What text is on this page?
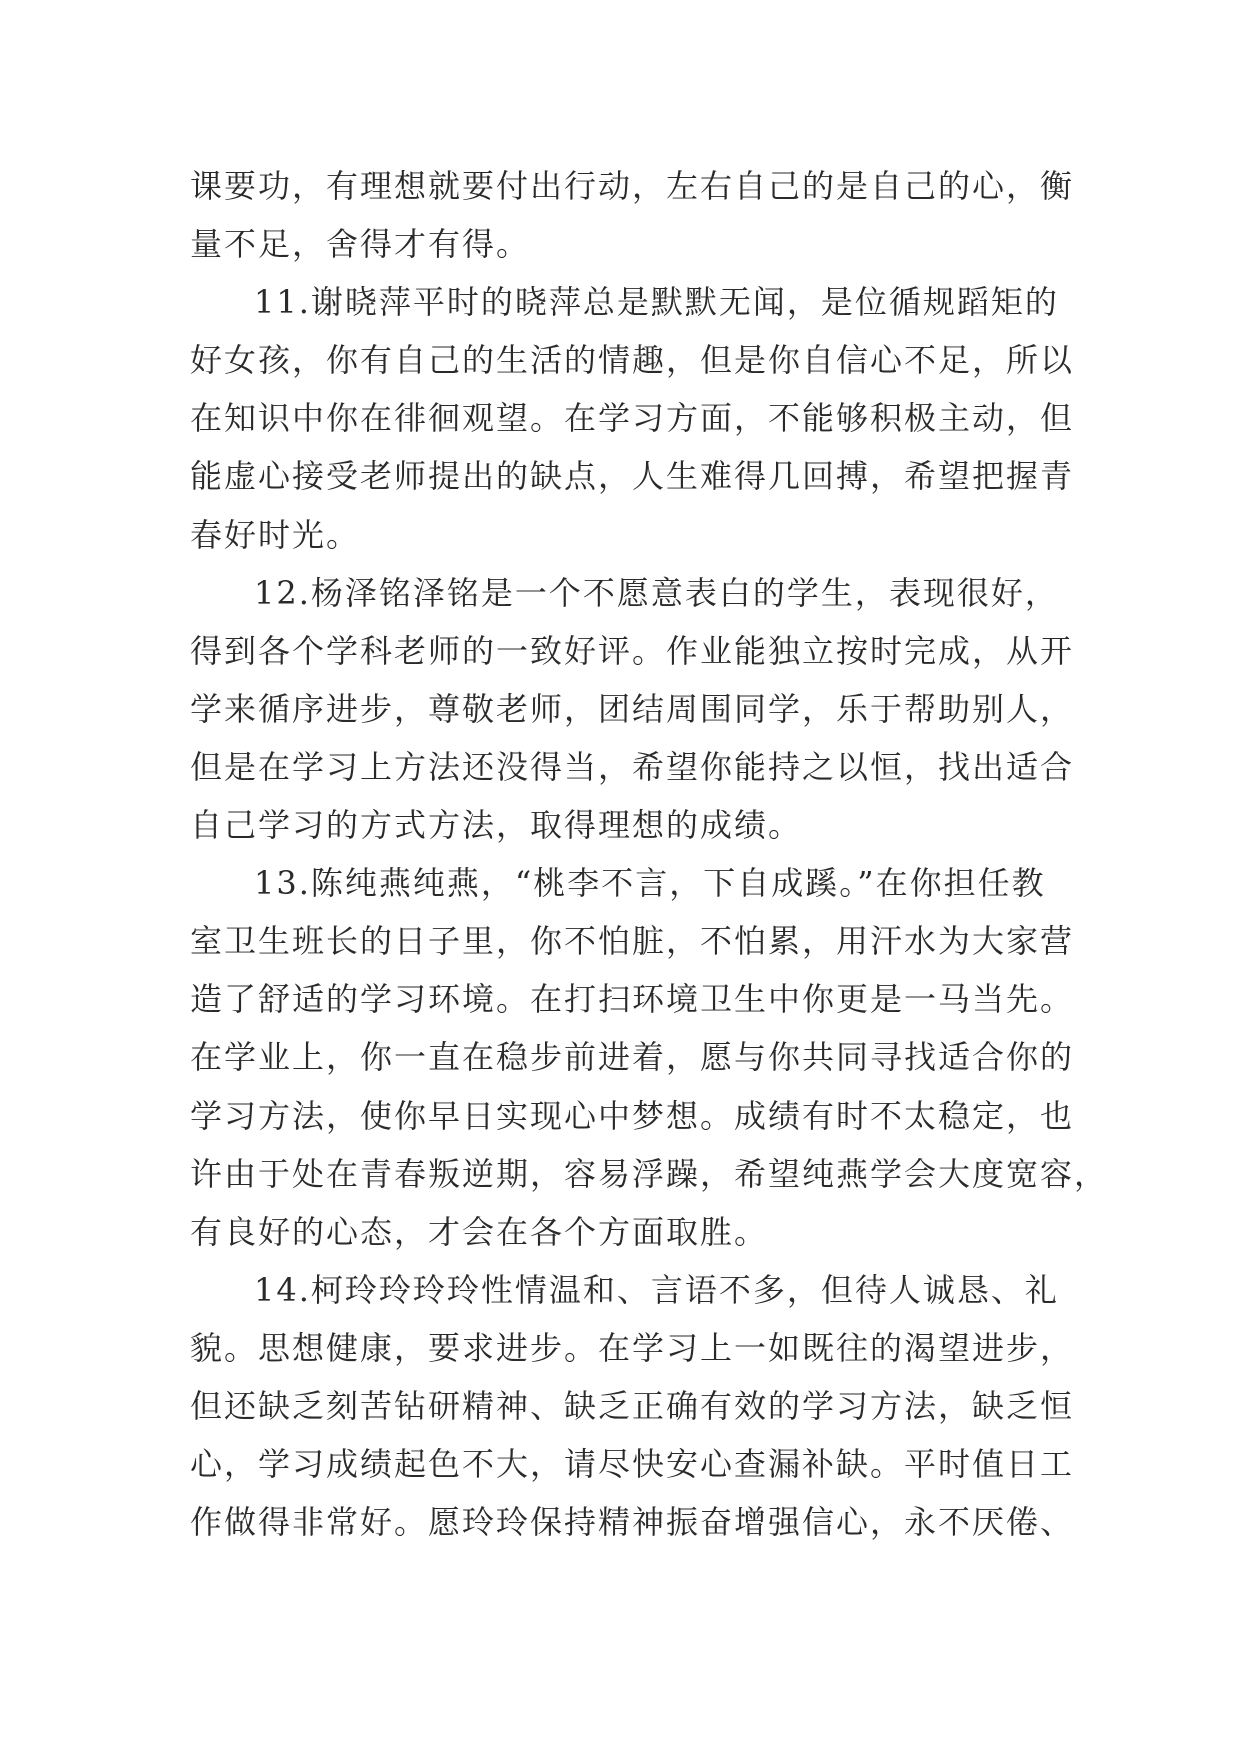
课要功，有理想就要付出行动，左右自己的是自己的心，衡
量不足，舍得才有得。
11.谢晓萍平时的晓萍总是默默无闻，是位循规蹈矩的
好女孩，你有自己的生活的情趣，但是你自信心不足，所以
在知识中你在徘徊观望。在学习方面，不能够积极主动，但
能虚心接受老师提出的缺点，人生难得几回搏，希望把握青
春好时光。
12.杨泽铭泽铭是一个不愿意表白的学生，表现很好，
得到各个学科老师的一致好评。作业能独立按时完成，从开
学来循序进步，尊敬老师，团结周围同学，乐于帮助别人，
但是在学习上方法还没得当，希望你能持之以恒，找出适合
自己学习的方式方法，取得理想的成绩。
13.陈纯燕纯燕，“桃李不言，下自成蹊。”在你担任教
室卫生班长的日子里，你不怕脏，不怕累，用汗水为大家营
造了舒适的学习环境。在打扫环境卫生中你更是一马当先。
在学业上，你一直在稳步前进着，愿与你共同寻找适合你的
学习方法，使你早日实现心中梦想。成绩有时不太稳定，也
许由于处在青春叛逆期，容易浮躁，希望纯燕学会大度宽容，
有良好的心态，才会在各个方面取胜。
14.柯玲玲玲玲性情温和、言语不多，但待人诚恳、礼
貌。思想健康，要求进步。在学习上一如既往的渴望进步，
但还缺乏刻苦钻研精神、缺乏正确有效的学习方法，缺乏恒
心，学习成绩起色不大，请尽快安心查漏补缺。平时值日工
作做得非常好。愿玲玲保持精神振奋增强信心，永不厌倦、
